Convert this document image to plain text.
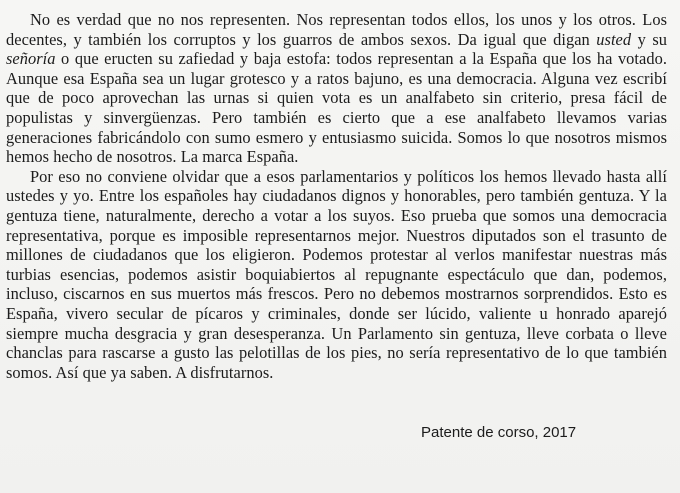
No es verdad que no nos representen. Nos representan todos ellos, los unos y los otros. Los decentes, y también los corruptos y los guarros de ambos sexos. Da igual que digan usted y su señoría o que eructen su zafiedad y baja estofa: todos representan a la España que los ha votado. Aunque esa España sea un lugar grotesco y a ratos bajuno, es una democracia. Alguna vez escribí que de poco aprovechan las urnas si quien vota es un analfabeto sin criterio, presa fácil de populistas y sinvergüenzas. Pero también es cierto que a ese analfabeto llevamos varias generaciones fabricándolo con sumo esmero y entusiasmo suicida. Somos lo que nosotros mismos hemos hecho de nosotros. La marca España.

Por eso no conviene olvidar que a esos parlamentarios y políticos los hemos llevado hasta allí ustedes y yo. Entre los españoles hay ciudadanos dignos y honorables, pero también gentuza. Y la gentuza tiene, naturalmente, derecho a votar a los suyos. Eso prueba que somos una democracia representativa, porque es imposible representarnos mejor. Nuestros diputados son el trasunto de millones de ciudadanos que los eligieron. Podemos protestar al verlos manifestar nuestras más turbias esencias, podemos asistir boquiabiertos al repugnante espectáculo que dan, podemos, incluso, ciscarnos en sus muertos más frescos. Pero no debemos mostrarnos sorprendidos. Esto es España, vivero secular de pícaros y criminales, donde ser lúcido, valiente u honrado aparejó siempre mucha desgracia y gran desesperanza. Un Parlamento sin gentuza, lleve corbata o lleve chanclas para rascarse a gusto las pelotillas de los pies, no sería representativo de lo que también somos. Así que ya saben. A disfrutarnos.

Patente de corso, 2017
